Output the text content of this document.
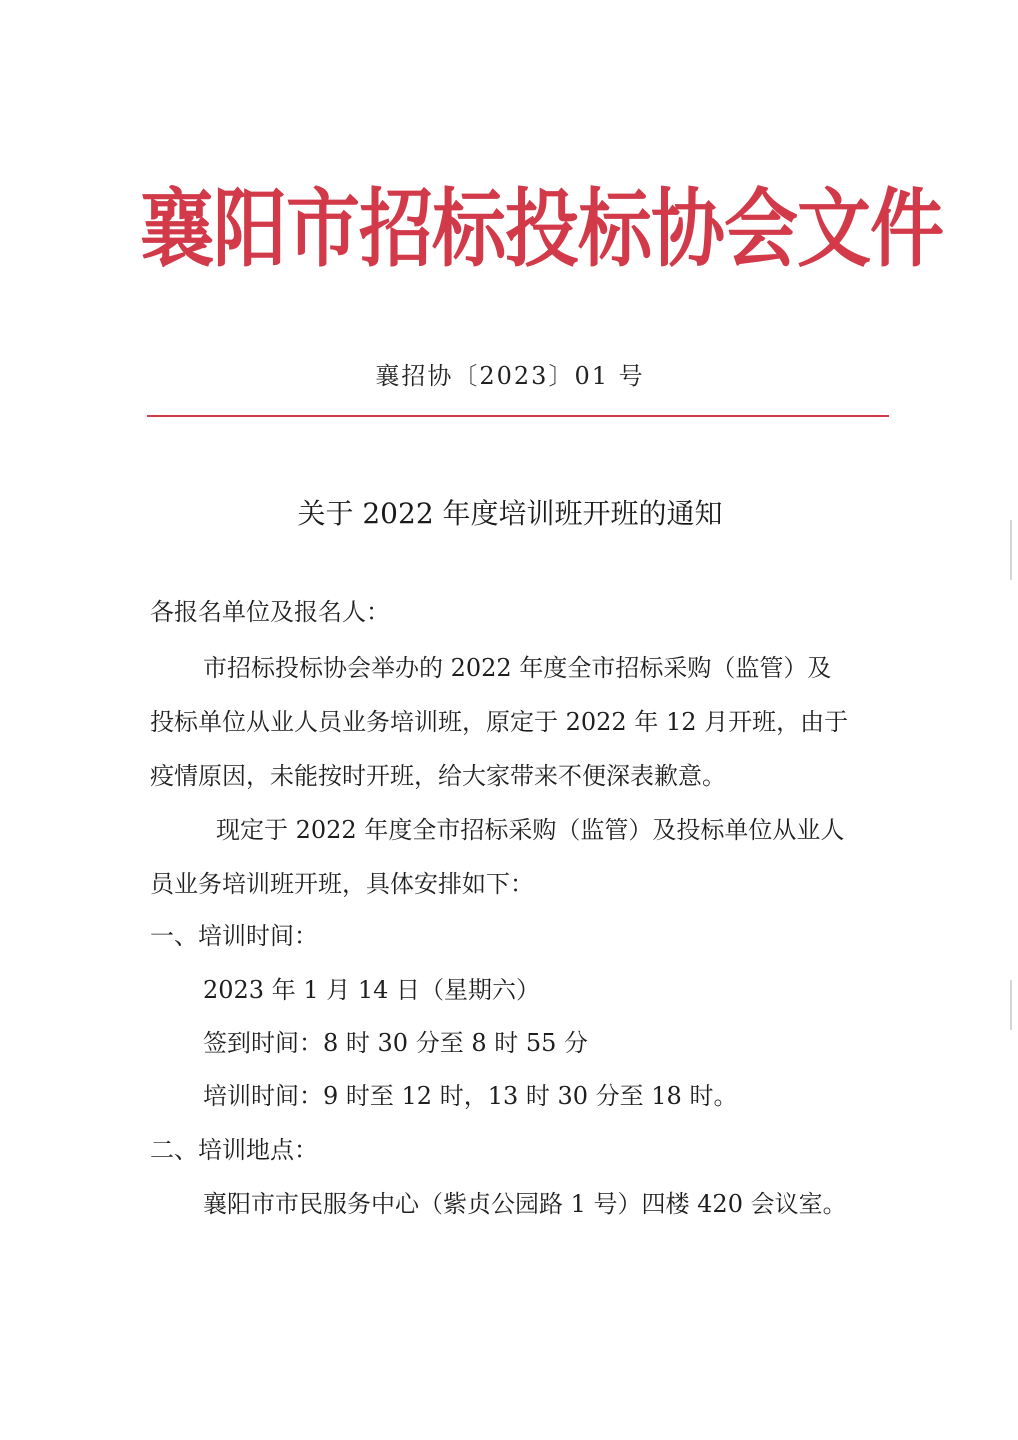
襄阳市招标投标协会文件
襄招协〔2023〕01 号
关于 2022 年度培训班开班的通知
各报名单位及报名人：
市招标投标协会举办的 2022 年度全市招标采购（监管）及
投标单位从业人员业务培训班，原定于 2022 年 12 月开班，由于
疫情原因，未能按时开班，给大家带来不便深表歉意。
现定于 2022 年度全市招标采购（监管）及投标单位从业人
员业务培训班开班，具体安排如下：
一、培训时间：
2023 年 1 月 14 日（星期六）
签到时间：8 时 30 分至 8 时 55 分
培训时间：9 时至 12 时，13 时 30 分至 18 时。
二、培训地点：
襄阳市市民服务中心（紫贞公园路 1 号）四楼 420 会议室。
